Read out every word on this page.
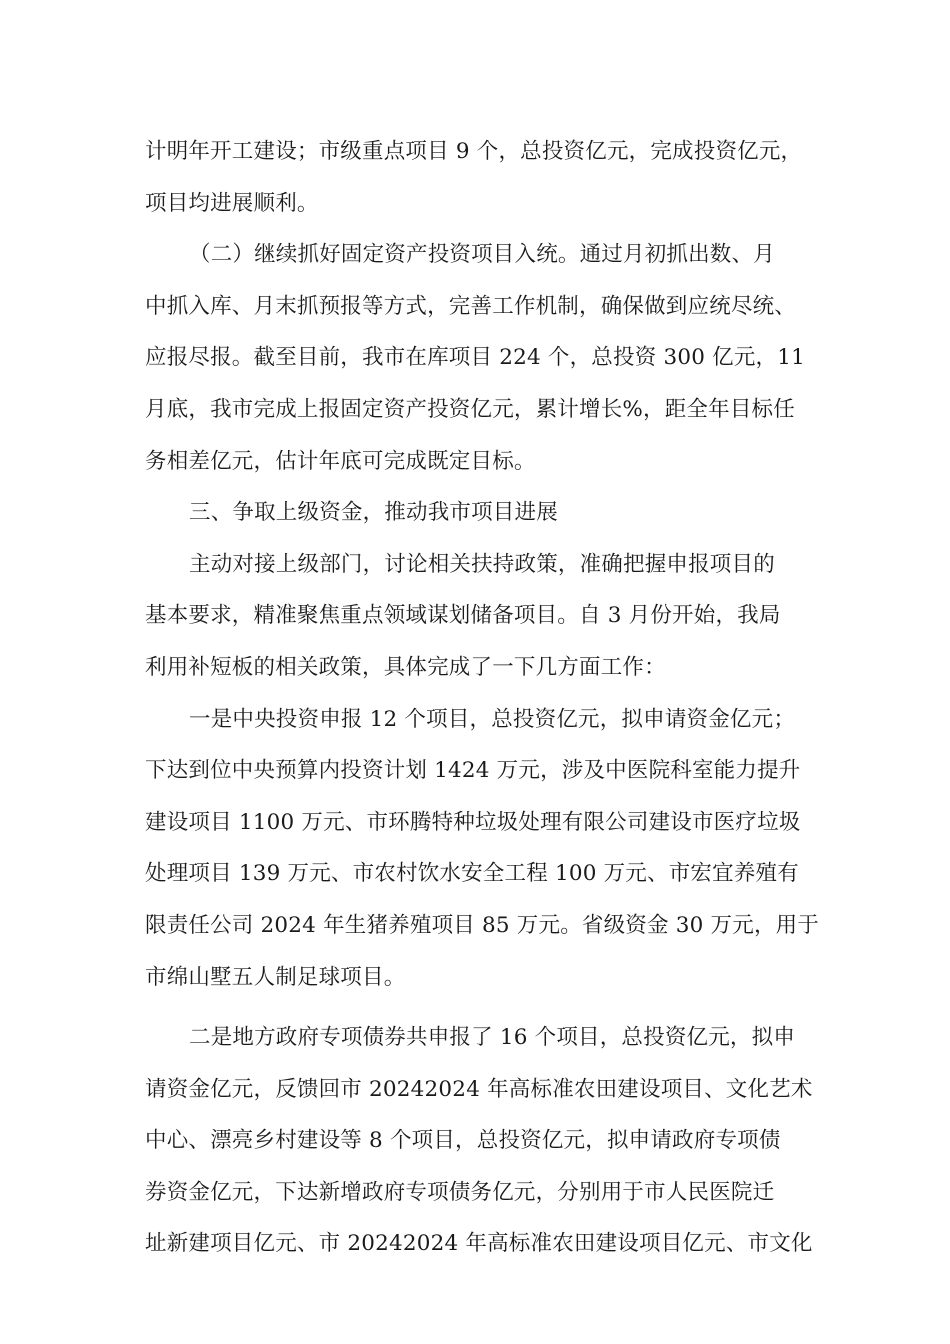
计明年开工建设；市级重点项目 9 个，总投资亿元，完成投资亿元，
项目均进展顺利。
（二）继续抓好固定资产投资项目入统。通过月初抓出数、月
中抓入库、月末抓预报等方式，完善工作机制，确保做到应统尽统、
应报尽报。截至目前，我市在库项目 224 个，总投资 300 亿元，11
月底，我市完成上报固定资产投资亿元，累计增长%，距全年目标任
务相差亿元，估计年底可完成既定目标。
三、争取上级资金，推动我市项目进展
主动对接上级部门，讨论相关扶持政策，准确把握申报项目的
基本要求，精准聚焦重点领域谋划储备项目。自 3 月份开始，我局
利用补短板的相关政策，具体完成了一下几方面工作：
一是中央投资申报 12 个项目，总投资亿元，拟申请资金亿元；
下达到位中央预算内投资计划 1424 万元，涉及中医院科室能力提升
建设项目 1100 万元、市环腾特种垃圾处理有限公司建设市医疗垃圾
处理项目 139 万元、市农村饮水安全工程 100 万元、市宏宜养殖有
限责任公司 2024 年生猪养殖项目 85 万元。省级资金 30 万元，用于
市绵山墅五人制足球项目。
二是地方政府专项债券共申报了 16 个项目，总投资亿元，拟申
请资金亿元，反馈回市 20242024 年高标准农田建设项目、文化艺术
中心、漂亮乡村建设等 8 个项目，总投资亿元，拟申请政府专项债
券资金亿元，下达新增政府专项债务亿元，分别用于市人民医院迁
址新建项目亿元、市 20242024 年高标准农田建设项目亿元、市文化
